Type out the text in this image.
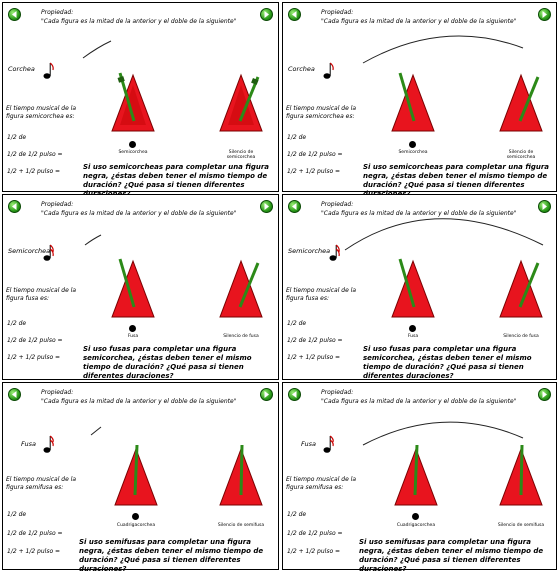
Propiedad:
"Cada figura es la mitad de la anterior y el doble de la siguiente"
Corchea
El tiempo musical de la figura semicorchea es:
1/2 de
1/2 de 1/2 pulso =
1/2 + 1/2 pulso =
Semicorchea	Silencio de semicorchea
Si uso semicorcheas para completar una figura negra, ¿éstas deben tener el mismo tiempo de duración? ¿Qué pasa si tienen diferentes
Propiedad:
"Cada figura es la mitad de la anterior y el doble de la siguiente"
Corchea
El tiempo musical de la figura semicorchea es:
1/2 de
1/2 de 1/2 pulso =
1/2 + 1/2 pulso =
Semicorchea	Silencio de semicorchea
Si uso semicorcheas para completar una figura negra, ¿éstas deben tener el mismo tiempo de duración? ¿Qué pasa si tienen diferentes
Propiedad:
"Cada figura es la mitad de la anterior y el doble de la siguiente"
Semicorchea
El tiempo musical de la figura fusa es:
1/2 de
1/2 de 1/2 pulso =
1/2 + 1/2 pulso =
Fusa	Silencio de fusa
Si uso fusas para completar una figura semicorchea, ¿éstas deben tener el mismo tiempo de duración? ¿Qué pasa si tienen diferentes duraciones?
Propiedad:
"Cada figura es la mitad de la anterior y el doble de la siguiente"
Semicorchea
El tiempo musical de la figura fusa es:
1/2 de
1/2 de 1/2 pulso =
1/2 + 1/2 pulso =
Fusa	Silencio de fusa
Si uso fusas para completar una figura semicorchea, ¿éstas deben tener el mismo tiempo de duración? ¿Qué pasa si tienen diferentes duraciones?
Propiedad:
"Cada figura es la mitad de la anterior y el doble de la siguiente"
Fusa
El tiempo musical de la figura semifusa es:
1/2 de
1/2 de 1/2 pulso =
1/2 + 1/2 pulso =
Cuadrigacorchea	Silencio de semifusa
Si uso semifusas para completar una figura negra, ¿éstas deben tener el mismo tiempo de duración? ¿Qué pasa si tienen diferentes duraciones?
Propiedad:
"Cada figura es la mitad de la anterior y el doble de la siguiente"
Fusa
El tiempo musical de la figura semifusa es:
1/2 de
1/2 de 1/2 pulso =
1/2 + 1/2 pulso =
Cuadrigacorchea	Silencio de semifusa
Si uso semifusas para completar una figura negra, ¿éstas deben tener el mismo tiempo de duración? ¿Qué pasa si tienen diferentes duraciones?
